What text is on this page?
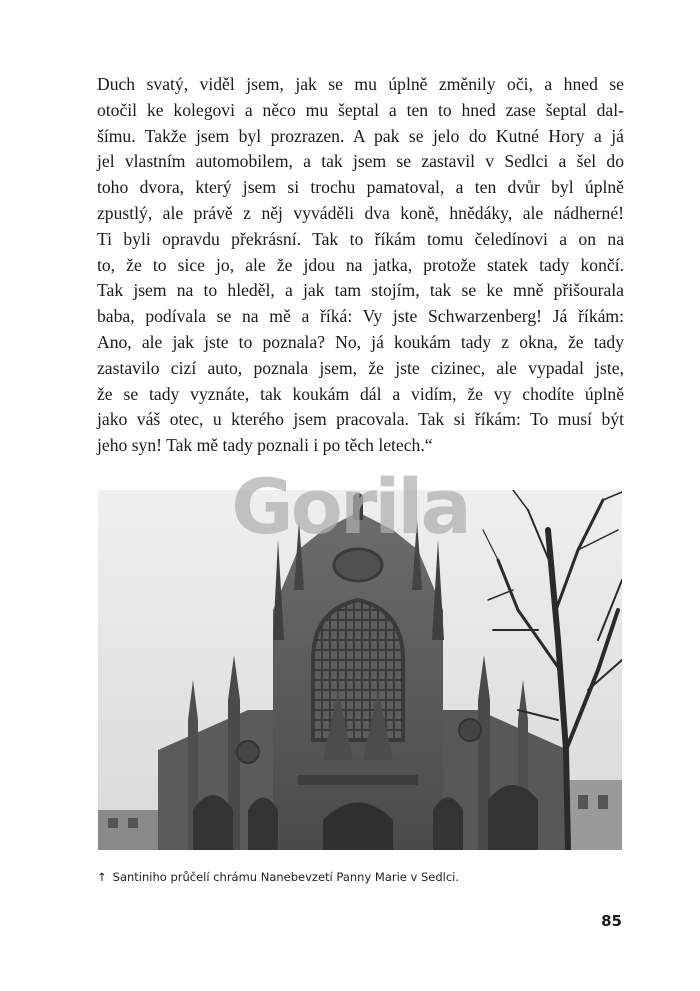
Duch svatý, viděl jsem, jak se mu úplně změnily oči, a hned se
otočil ke kolegovi a něco mu šeptal a ten to hned zase šeptal dal-
šímu. Takže jsem byl prozrazen. A pak se jelo do Kutné Hory a já
jel vlastním automobilem, a tak jsem se zastavil v Sedlci a šel do
toho dvora, který jsem si trochu pamatoval, a ten dvůr byl úplně
zpustlý, ale právě z něj vyváděli dva koně, hnědáky, ale nádherné!
Ti byli opravdu překrásní. Tak to říkám tomu čeledínovi a on na
to, že to sice jo, ale že jdou na jatka, protože statek tady končí.
Tak jsem na to hleděl, a jak tam stojím, tak se ke mně přišourala
baba, podívala se na mě a říká: Vy jste Schwarzenberg! Já říkám:
Ano, ale jak jste to poznala? No, já koukám tady z okna, že tady
zastavilo cizí auto, poznala jsem, že jste cizinec, ale vypadal jste,
že se tady vyznáte, tak koukám dál a vidím, že vy chodíte úplně
jako váš otec, u kterého jsem pracovala. Tak si říkám: To musí být
jeho syn! Tak mě tady poznali i po těch letech.“
Gorila
↑ Santiniho průčelí chrámu Nanebevzetí Panny Marie v Sedlci.
85
